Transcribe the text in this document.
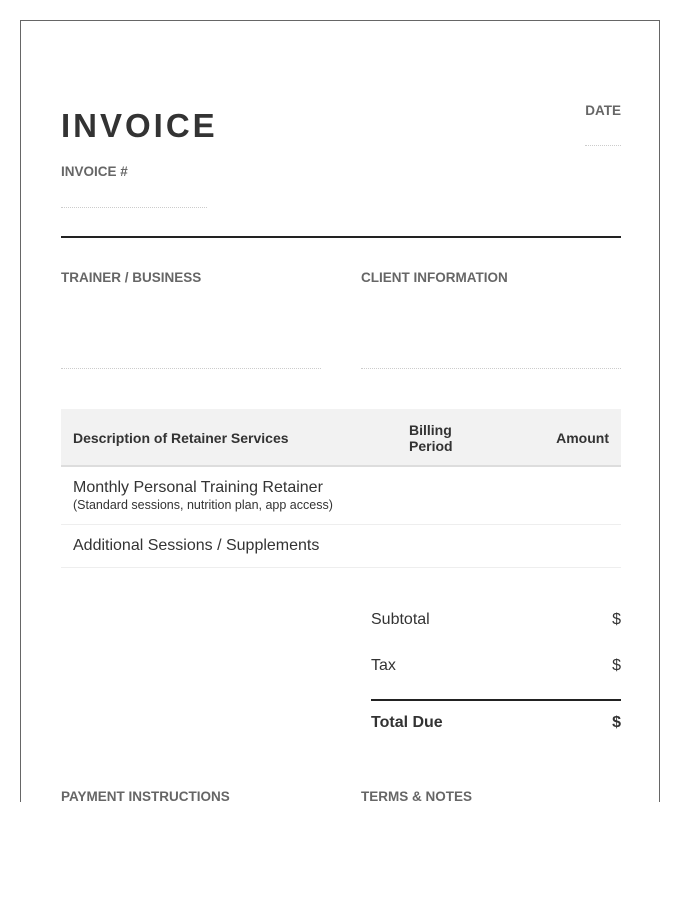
INVOICE
INVOICE #
DATE
TRAINER / BUSINESS	CLIENT INFORMATION
Description of Retainer Services	Billing Period	Amount
Monthly Personal Training Retainer
(Standard sessions, nutrition plan, app access)
Additional Sessions / Supplements
Subtotal	$
Tax	$
Total Due	$
PAYMENT INSTRUCTIONS	TERMS & NOTES
